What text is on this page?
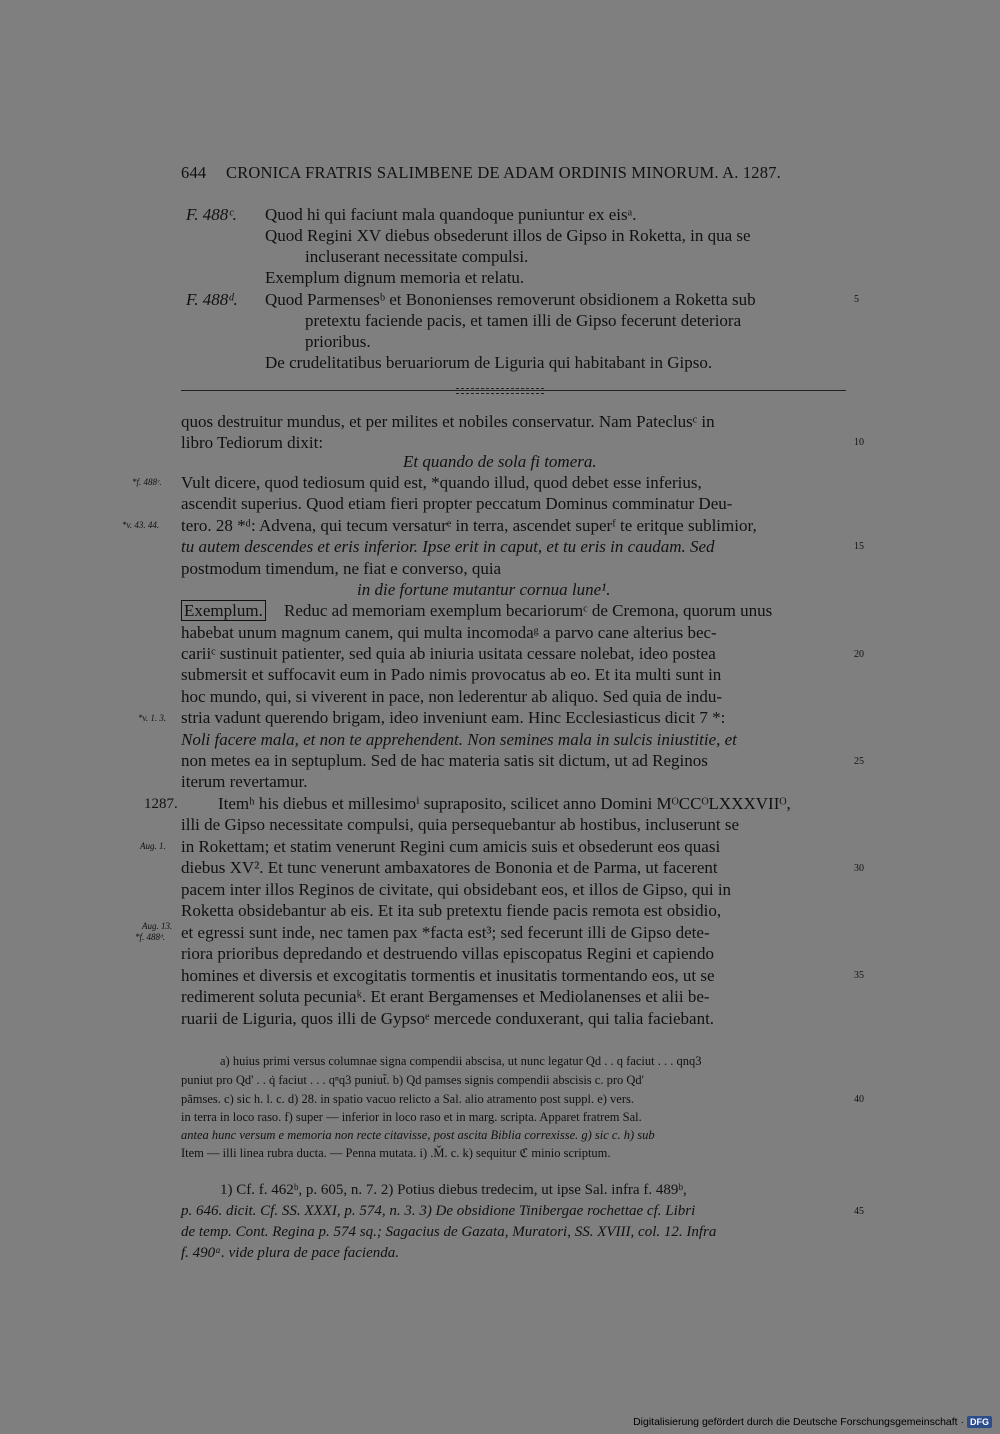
644 CRONICA FRATRIS SALIMBENE DE ADAM ORDINIS MINORUM. A. 1287.
F. 488ᶜ. Quod hi qui faciunt mala quandoque puniuntur ex eisᵃ.
Quod Regini XV diebus obsederunt illos de Gipso in Roketta, in qua se
incluserant necessitate compulsi.
Exemplum dignum memoria et relatu.
F. 488ᵈ. Quod Parmensesᵇ et Bononienses removerunt obsidionem a Roketta sub
pretextu faciende pacis, et tamen illi de Gipso fecerunt deteriora
prioribus.
De crudelitatibus beruariorum de Liguria qui habitabant in Gipso.
5
quos destruitur mundus, et per milites et nobiles conservatur. Nam Pateclusᶜ in
libro Tediorum dixit:	10
Et quando de sola fi tomera.
*f. 488ᶜ. Vult dicere, quod tediosum quid est, *quando illud, quod debet esse inferius,
ascendit superius. Quod etiam fieri propter peccatum Dominus comminatur Deu-
*v. 43. 44. tero. 28 *ᵈ: Advena, qui tecum versaturᵉ in terra, ascendet superᶠ te eritque sublimior,
tu autem descendes et eris inferior. Ipse erit in caput, et tu eris in caudam. Sed	15
postmodum timendum, ne fiat e converso, quia
in die fortune mutantur cornua lune¹.
Exemplum. Reduc ad memoriam exemplum becariorumᶜ de Cremona, quorum unus
habebat unum magnum canem, qui multa incomodaᵍ a parvo cane alterius bec-
cariiᶜ sustinuit patienter, sed quia ab iniuria usitata cessare nolebat, ideo postea	20
submersit et suffocavit eum in Pado nimis provocatus ab eo. Et ita multi sunt in
hoc mundo, qui, si viverent in pace, non lederentur ab aliquo. Sed quia de indu-
*v. 1. 3. stria vadunt querendo brigam, ideo inveniunt eam. Hinc Ecclesiasticus dicit 7 *:
Noli facere mala, et non te apprehendent. Non semines mala in sulcis iniustitie, et
non metes ea in septuplum. Sed de hac materia satis sit dictum, ut ad Reginos	25
iterum revertamur.
1287. Itemʰ his diebus et millesimoⁱ supraposito, scilicet anno Domini MᴼCCᴼLXXXVIIᴼ,
illi de Gipso necessitate compulsi, quia persequebantur ab hostibus, incluserunt se
Aug. 1. in Rokettam; et statim venerunt Regini cum amicis suis et obsederunt eos quasi
diebus XV². Et tunc venerunt ambaxatores de Bononia et de Parma, ut facerent	30
pacem inter illos Reginos de civitate, qui obsidebant eos, et illos de Gipso, qui in
Roketta obsidebantur ab eis. Et ita sub pretextu fiende pacis remota est obsidio,
Aug. 13.
*f. 488ᵈ. et egressi sunt inde, nec tamen pax *facta est³; sed fecerunt illi de Gipso dete-
riora prioribus depredando et destruendo villas episcopatus Regini et capiendo
homines et diversis et excogitatis tormentis et inusitatis tormentando eos, ut se	35
redimerent soluta pecuniaᵏ. Et erant Bergamenses et Mediolanenses et alii be-
ruarii de Liguria, quos illi de Gypsoᵉ mercede conduxerant, qui talia faciebant.
a) huius primi versus columnae signa compendii abscisa, ut nunc legatur Qd . . q faciut . . . qnq3
puniut pro Qd' . . q̇ faciut . . . qⁿq3 puniut̃. b) Qd pamses signis compendii abscisis c. pro Qd'
pãmses. c) sic h. l. c. d) 28. in spatio vacuo relicto a Sal. alio atramento post suppl. e) vers.	40
in terra in loco raso. f) super — inferior in loco raso et in marg. scripta. Apparet fratrem Sal.
antea hunc versum e memoria non recte citavisse, post ascita Biblia correxisse. g) sic c. h) sub
Item — illi linea rubra ducta. — Penna mutata. i) .M̌. c. k) sequitur ℭ minio scriptum.
1) Cf. f. 462ᵇ, p. 605, n. 7. 2) Potius diebus tredecim, ut ipse Sal. infra f. 489ᵇ,
p. 646. dicit. Cf. SS. XXXI, p. 574, n. 3. 3) De obsidione Tinibergae rochettae cf. Libri	45
de temp. Cont. Regina p. 574 sq.; Sagacius de Gazata, Muratori, SS. XVIII, col. 12. Infra
f. 490ᵃ. vide plura de pace facienda.
Digitalisierung gefördert durch die Deutsche Forschungsgemeinschaft · DFG
